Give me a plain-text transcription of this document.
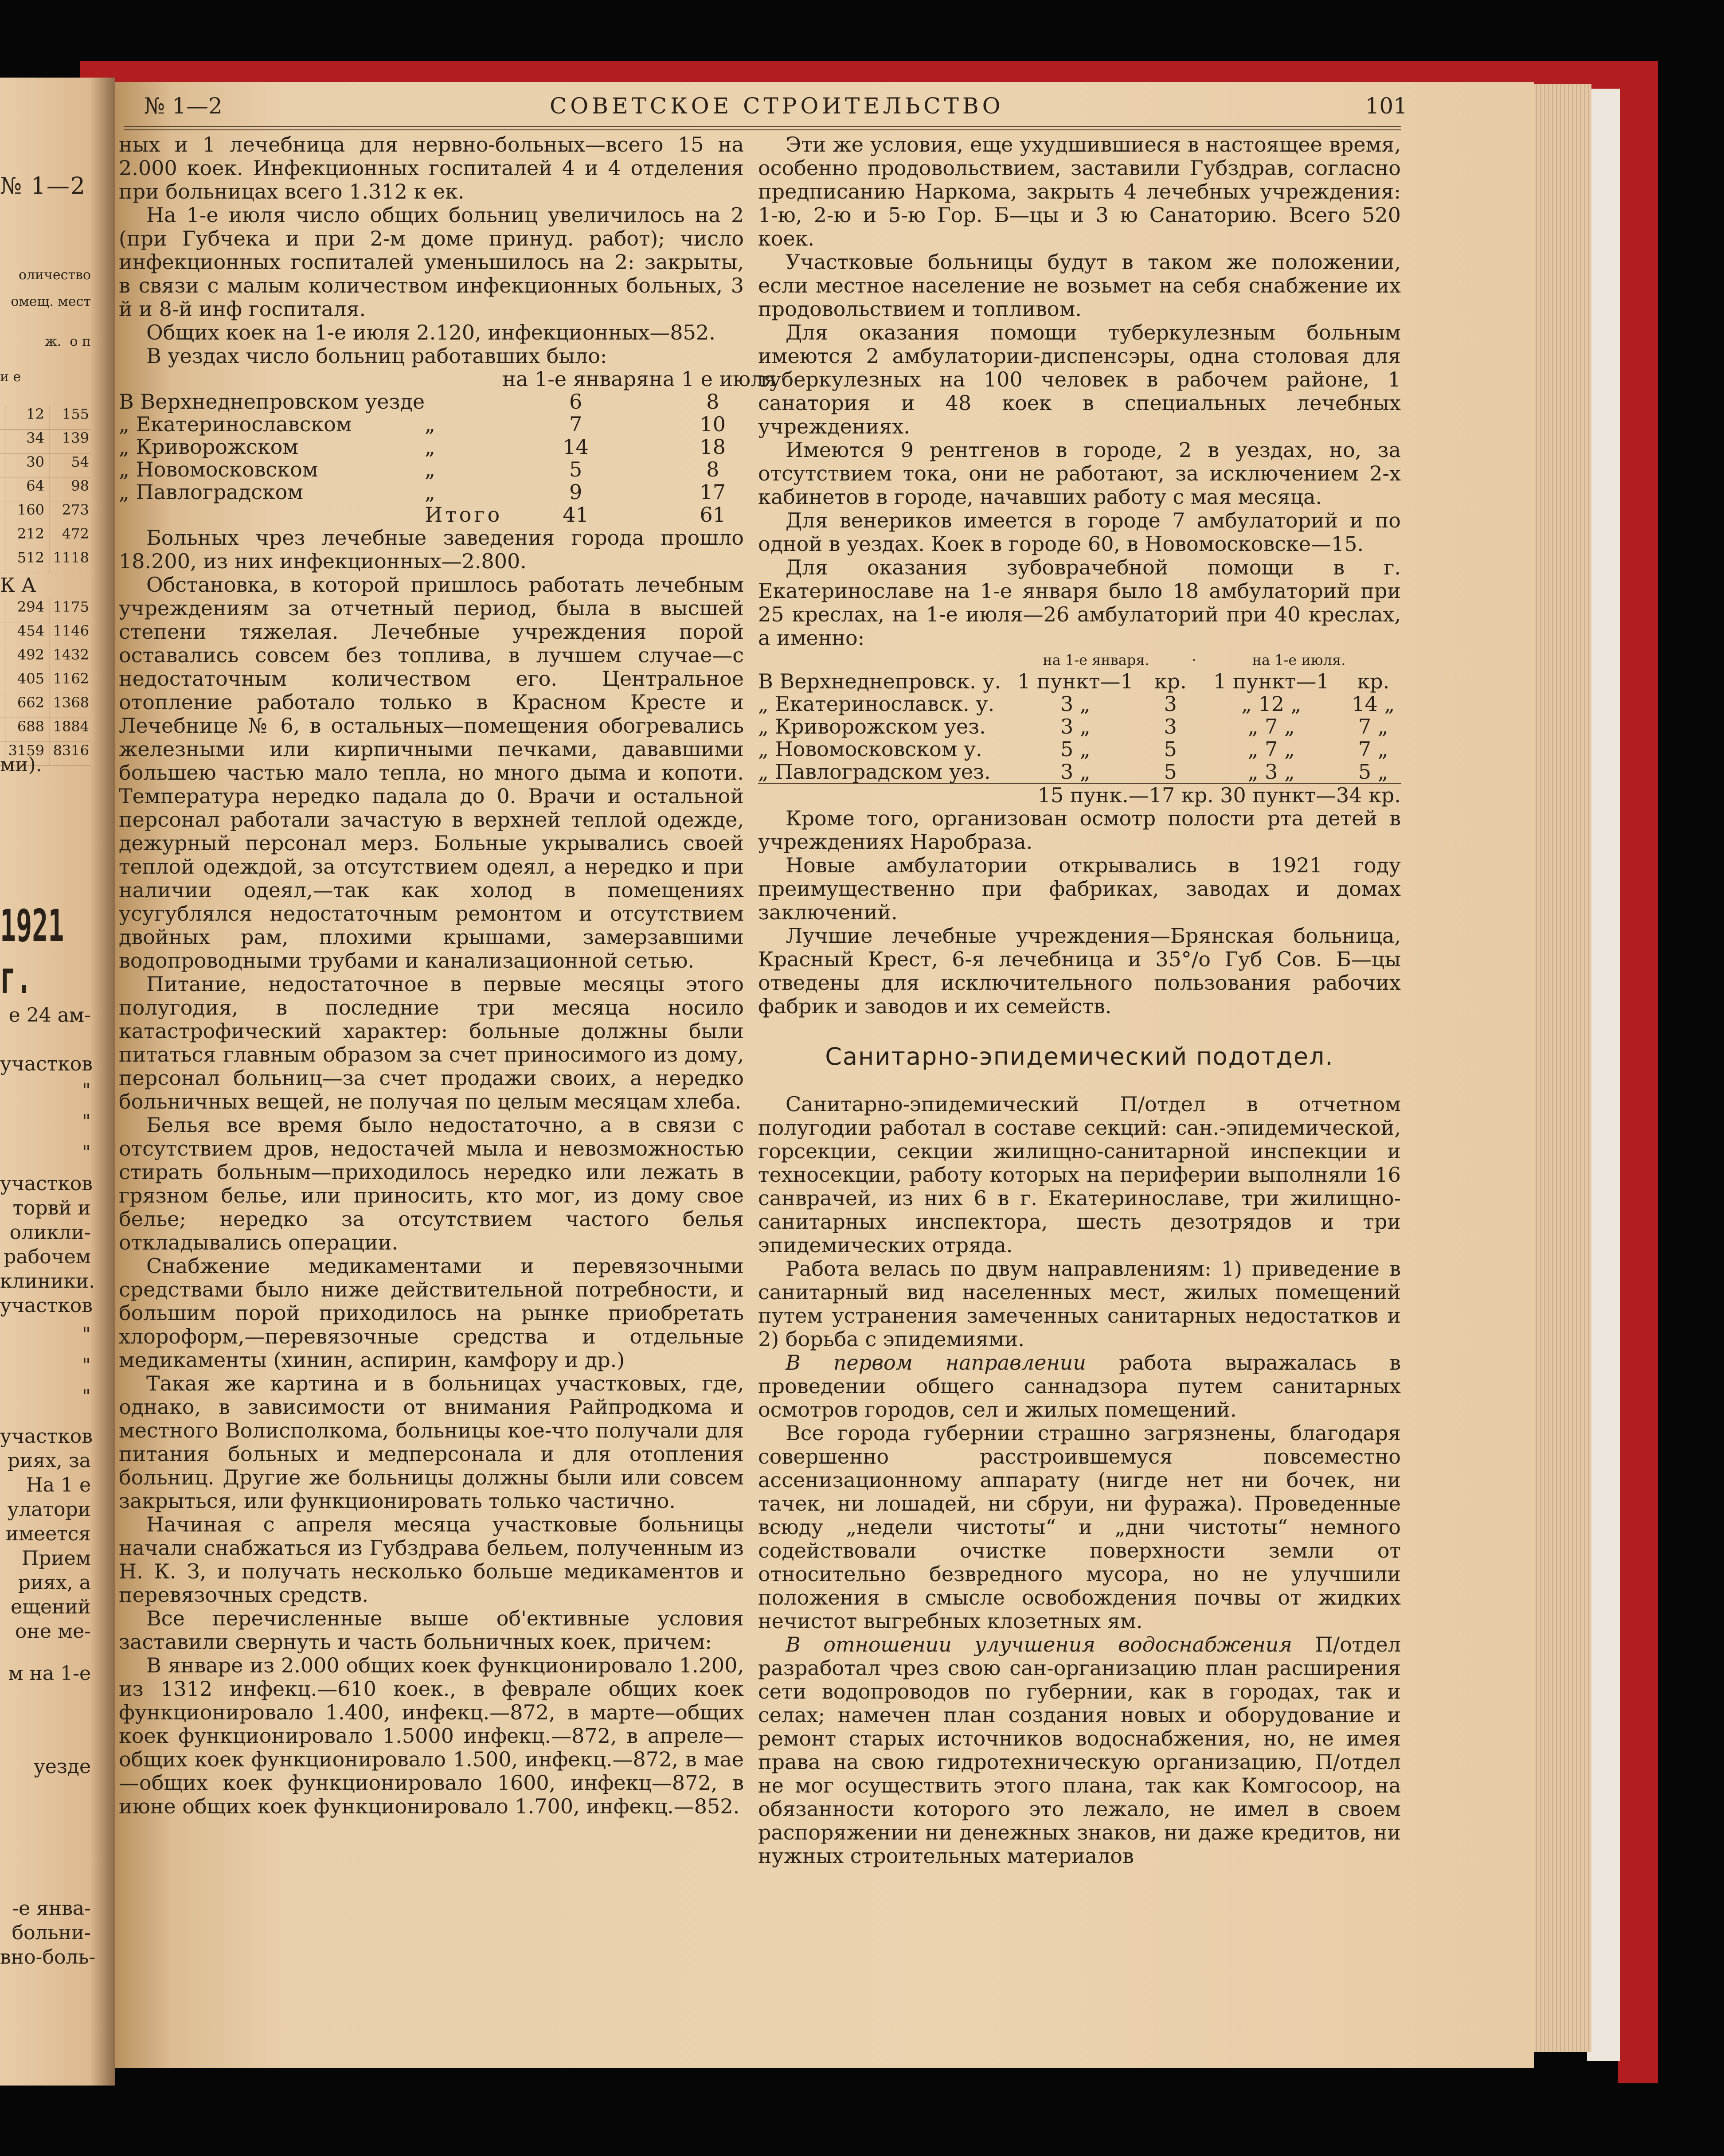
№ 1—2
оличество
омещ. мест
ж. о п
и е
12	155
34	139
30	54
64	98
160	273
212	472
512 1118
К А
294 1175
454 1146
492 1432
405 1162
662 1368
688 1884
3159 8316
ми).
1921 г.
е 24 ам-
участков
"
"
"
участков
торвй и
оликли-
рабочем
клиники.
участков
"
"
"
участков
риях, за
На 1 е
улатори
имеется
Прием
риях, а
ещений
оне ме-
м на 1-е
уезде
-е янва-
больни-
вно-боль-
№ 1—2	СОВЕТСКОЕ СТРОИТЕЛЬСТВО	101

ных и 1 лечебница для нервно-больных—всего 15 на 2.000 коек. Инфекционных госпиталей 4 и 4 отделения при больницах всего 1.312 к ек.

На 1-е июля число общих больниц увеличилось на 2 (при Губчека и при 2-м доме принуд. работ); число инфекционных госпиталей уменьшилось на 2: закрыты, в связи с малым количеством инфекционных больных, 3 й и 8-й инф госпиталя.

Общих коек на 1-е июля 2.120, инфекционных—852.

В уездах число больниц работавших было:

		на 1-е января	на 1 е июля
В Верхнеднепровском уезде		6	8
„ Екатеринославском	„	7	10
„ Криворожском	„	14	18
„ Новомосковском	„	5	8
„ Павлоградском	„	9	17
	Итого	41	61

Больных чрез лечебные заведения города прошло 18.200, из них инфекционных—2.800.

Обстановка, в которой пришлось работать лечебным учреждениям за отчетный период, была в высшей степени тяжелая. Лечебные учреждения порой оставались совсем без топлива, в лучшем случае—с недостаточным количеством его. Центральное отопление работало только в Красном Кресте и Лечебнице № 6, в остальных—помещения обогревались железными или кирпичными печками, дававшими большею частью мало тепла, но много дыма и копоти. Температура нередко падала до 0. Врачи и остальной персонал работали зачастую в верхней теплой одежде, дежурный персонал мерз. Больные укрывались своей теплой одеждой, за отсутствием одеял, а нередко и при наличии одеял,—так как холод в помещениях усугублялся недостаточным ремонтом и отсутствием двойных рам, плохими крышами, замерзавшими водопроводными трубами и канализационной сетью.

Питание, недостаточное в первые месяцы этого полугодия, в последние три месяца носило катастрофический характер: больные должны были питаться главным образом за счет приносимого из дому, персонал больниц—за счет продажи своих, а нередко больничных вещей, не получая по целым месяцам хлеба.

Белья все время было недостаточно, а в связи с отсутствием дров, недостачей мыла и невозможностью стирать больным—приходилось нередко или лежать в грязном белье, или приносить, кто мог, из дому свое белье; нередко за отсутствием частого белья откладывались операции.

Снабжение медикаментами и перевязочными средствами было ниже действительной потребности, и большим порой приходилось на рынке приобретать хлороформ,—перевязочные средства и отдельные медикаменты (хинин, аспирин, камфору и др.)

Такая же картина и в больницах участковых, где, однако, в зависимости от внимания Райпродкома и местного Волисполкома, больницы кое-что получали для питания больных и медперсонала и для отопления больниц. Другие же больницы должны были или совсем закрыться, или функционировать только частично.

Начиная с апреля месяца участковые больницы начали снабжаться из Губздрава бельем, полученным из Н. К. З, и получать несколько больше медикаментов и перевязочных средств.

Все перечисленные выше об'ективные условия заставили свернуть и часть больничных коек, причем:

В январе из 2.000 общих коек функционировало 1.200, из 1312 инфекц.—610 коек., в феврале общих коек функционировало 1.400, инфекц.—872, в марте—общих коек функционировало 1.5000 инфекц.—872, в апреле—общих коек функционировало 1.500, инфекц.—872, в мае—общих коек функционировало 1600, инфекц—872, в июне общих коек функционировало 1.700, инфекц.—852.

Эти же условия, еще ухудшившиеся в настоящее время, особенно продовольствием, заставили Губздрав, согласно предписанию Наркома, закрыть 4 лечебных учреждения: 1-ю, 2-ю и 5-ю Гор. Б—цы и 3 ю Санаторию. Всего 520 коек.

Участковые больницы будут в таком же положении, если местное население не возьмет на себя снабжение их продовольствием и топливом.

Для оказания помощи туберкулезным больным имеются 2 амбулатории-диспенсэры, одна столовая для туберкулезных на 100 человек в рабочем районе, 1 санатория и 48 коек в специальных лечебных учреждениях.

Имеются 9 рентгенов в городе, 2 в уездах, но, за отсутствием тока, они не работают, за исключением 2-х кабинетов в городе, начавших работу с мая месяца.

Для венериков имеется в городе 7 амбулаторий и по одной в уездах. Коек в городе 60, в Новомосковске—15.

Для оказания зубоврачебной помощи в г. Екатеринославе на 1-е января было 18 амбулаторий при 25 креслах, на 1-е июля—26 амбулаторий при 40 креслах, а именно:

	на 1-е января.		·	на 1-е июля.	
В Верхнеднепровск. у.	1 пункт—1	кр.		1 пункт—1	кр.
„ Екатеринославск. у.	3 „	3		„ 12 „	14 „
„ Криворожском уез.	3 „	3		„ 7 „	7 „
„ Новомосковском у.	5 „	5		„ 7 „	7 „
„ Павлоградском уез.	3 „	5		„ 3 „	5 „
15 пунк.—17 кр. 30 пункт—34 кр.					

Кроме того, организован осмотр полости рта детей в учреждениях Наробраза.

Новые амбулатории открывались в 1921 году преимущественно при фабриках, заводах и домах заключений.

Лучшие лечебные учреждения—Брянская больница, Красный Крест, 6-я лечебница и 35°/о Губ Сов. Б—цы отведены для исключительного пользования рабочих фабрик и заводов и их семейств.

Санитарно-эпидемический подотдел.

Санитарно-эпидемический П/отдел в отчетном полугодии работал в составе секций: сан.-эпидемической, горсекции, секции жилищно-санитарной инспекции и техносекции, работу которых на периферии выполняли 16 санврачей, из них 6 в г. Екатеринославе, три жилищно-санитарных инспектора, шесть дезотрядов и три эпидемических отряда.

Работа велась по двум направлениям: 1) приведение в санитарный вид населенных мест, жилых помещений путем устранения замеченных санитарных недостатков и 2) борьба с эпидемиями.

В первом направлении работа выражалась в проведении общего саннадзора путем санитарных осмотров городов, сел и жилых помещений.

Все города губернии страшно загрязнены, благодаря совершенно расстроившемуся повсеместно ассенизационному аппарату (нигде нет ни бочек, ни тачек, ни лошадей, ни сбруи, ни фуража). Проведенные всюду „недели чистоты“ и „дни чистоты“ немного содействовали очистке поверхности земли от относительно безвредного мусора, но не улучшили положения в смысле освобождения почвы от жидких нечистот выгребных клозетных ям.

В отношении улучшения водоснабжения П/отдел разработал чрез свою сан-организацию план расширения сети водопроводов по губернии, как в городах, так и селах; намечен план создания новых и оборудование и ремонт старых источников водоснабжения, но, не имея права на свою гидротехническую организацию, П/отдел не мог осуществить этого плана, так как Комгосоор, на обязанности которого это лежало, не имел в своем распоряжении ни денежных знаков, ни даже кредитов, ни нужных строительных материалов
